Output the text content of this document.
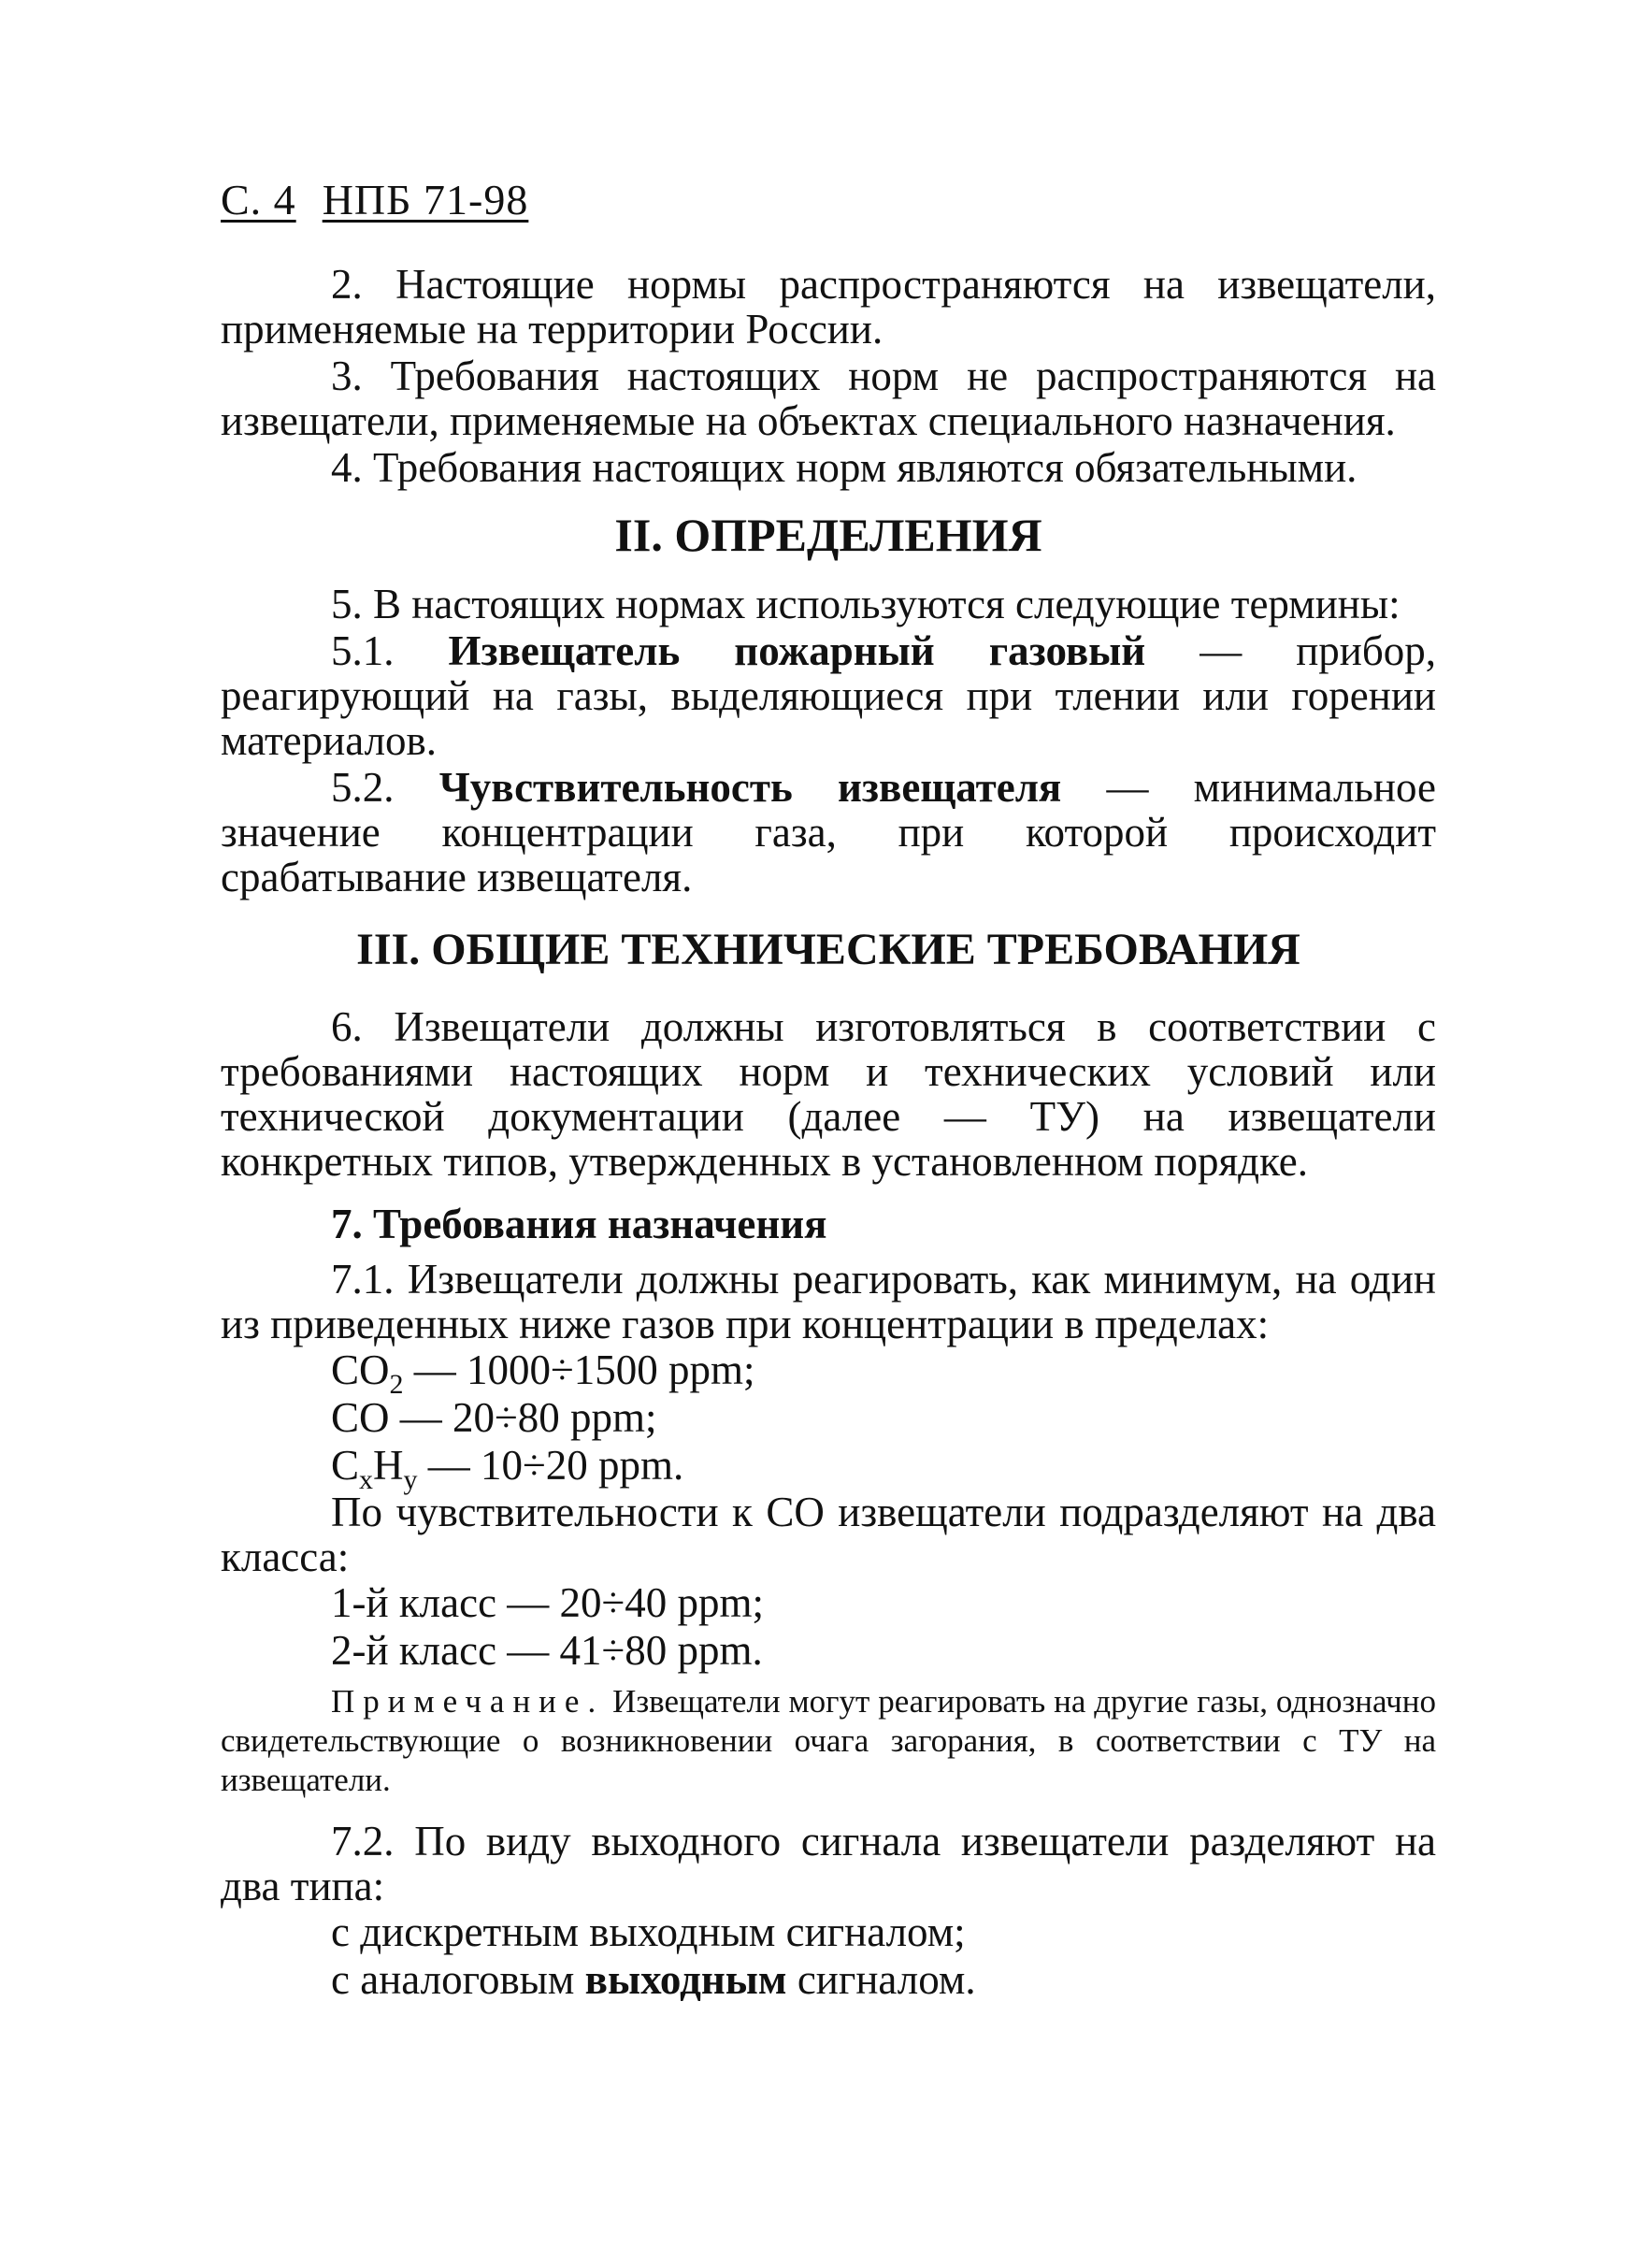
С. 4 НПБ 71-98

2. Настоящие нормы распространяются на извещатели, применяемые на территории России.

3. Требования настоящих норм не распространяются на извещатели, применяемые на объектах специального назначения.

4. Требования настоящих норм являются обязательными.

II. ОПРЕДЕЛЕНИЯ

5. В настоящих нормах используются следующие термины:

5.1. Извещатель пожарный газовый — прибор, реагирующий на газы, выделяющиеся при тлении или горении материалов.

5.2. Чувствительность извещателя — минимальное значение концентрации газа, при которой происходит срабатывание извещателя.

III. ОБЩИЕ ТЕХНИЧЕСКИЕ ТРЕБОВАНИЯ

6. Извещатели должны изготовляться в соответствии с требованиями настоящих норм и технических условий или технической документации (далее — ТУ) на извещатели конкретных типов, утвержденных в установленном порядке.

7. Требования назначения

7.1. Извещатели должны реагировать, как минимум, на один из приведенных ниже газов при концентрации в пределах:

$CO_2$ — 1000÷1500 ppm;
CO — 20÷80 ppm;
$C_xH_y$ — 10÷20 ppm.

По чувствительности к CO извещатели подразделяют на два класса:

1-й класс — 20÷40 ppm;
2-й класс — 41÷80 ppm.
Примечание. Извещатели могут реагировать на другие газы, однозначно свидетельствующие о возникновении очага загорания, в соответствии с ТУ на извещатели.

7.2. По виду выходного сигнала извещатели разделяют на два типа:

с дискретным выходным сигналом;
с аналоговым выходным сигналом.
